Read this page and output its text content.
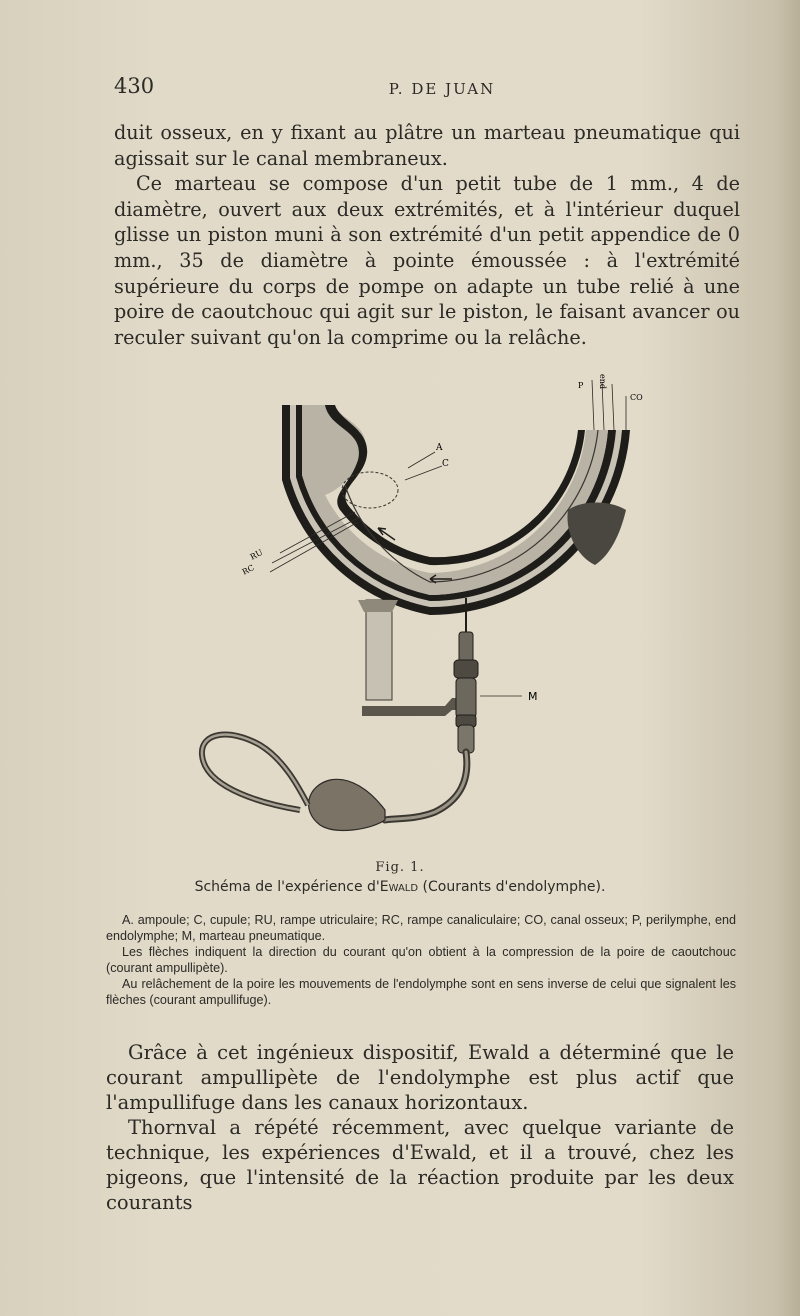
430	P. DE JUAN

duit osseux, en y fixant au plâtre un marteau pneumatique qui agissait sur le canal membraneux.

Ce marteau se compose d'un petit tube de 1 mm., 4 de diamètre, ouvert aux deux extrémités, et à l'intérieur duquel glisse un piston muni à son extrémité d'un petit appendice de 0 mm., 35 de diamètre à pointe émoussée : à l'extrémité supérieure du corps de pompe on adapte un tube relié à une poire de caoutchouc qui agit sur le piston, le faisant avancer ou reculer suivant qu'on la comprime ou la relâche.

A
C
RU
RC
P end
CO
M
Fig. 1.
Schéma de l'expérience d'Ewald (Courants d'endolymphe).

A. ampoule; C, cupule; RU, rampe utriculaire; RC, rampe canaliculaire; CO, canal osseux; P, perilymphe, end endolymphe; M, marteau pneumatique.

Les flèches indiquent la direction du courant qu'on obtient à la compression de la poire de caoutchouc (courant ampullipète).

Au relâchement de la poire les mouvements de l'endolymphe sont en sens inverse de celui que signalent les flèches (courant ampullifuge).

Grâce à cet ingénieux dispositif, Ewald a déterminé que le courant ampullipète de l'endolymphe est plus actif que l'ampullifuge dans les canaux horizontaux.

Thornval a répété récemment, avec quelque variante de technique, les expériences d'Ewald, et il a trouvé, chez les pigeons, que l'intensité de la réaction produite par les deux courants
